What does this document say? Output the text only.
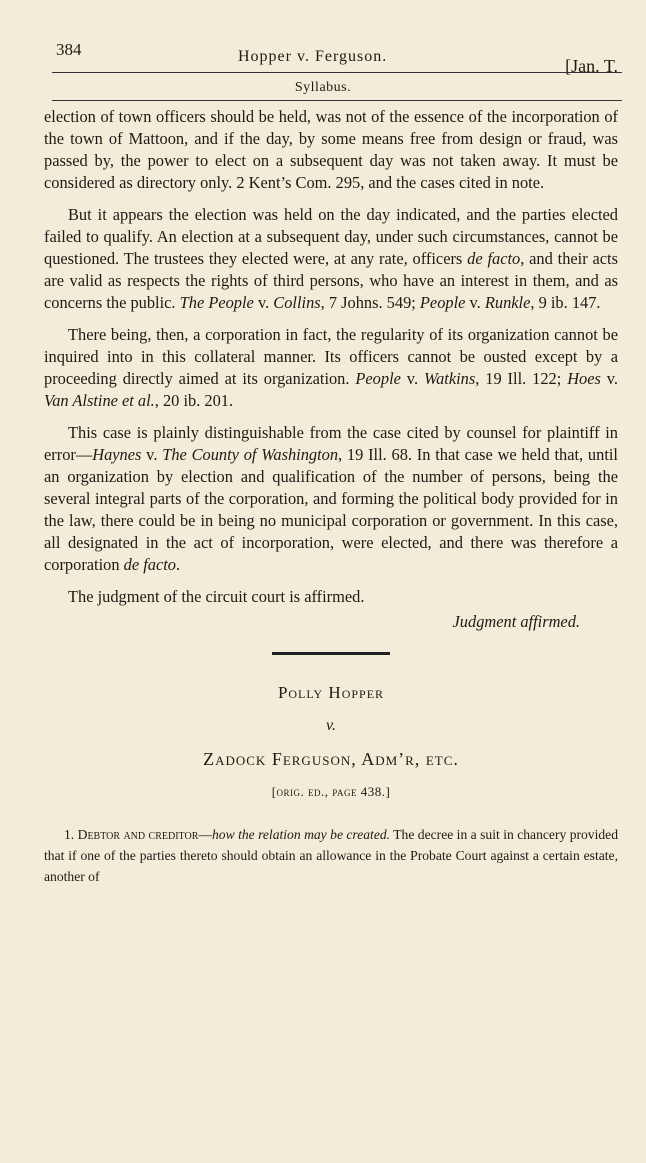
384	Hopper v. Ferguson.	[Jan. T.
Syllabus.

election of town officers should be held, was not of the essence of the incorporation of the town of Mattoon, and if the day, by some means free from design or fraud, was passed by, the power to elect on a subsequent day was not taken away. It must be considered as directory only. 2 Kent’s Com. 295, and the cases cited in note.

But it appears the election was held on the day indicated, and the parties elected failed to qualify. An election at a subsequent day, under such circumstances, cannot be questioned. The trustees they elected were, at any rate, officers de facto, and their acts are valid as respects the rights of third persons, who have an interest in them, and as concerns the public. The People v. Collins, 7 Johns. 549; People v. Runkle, 9 ib. 147.

There being, then, a corporation in fact, the regularity of its organization cannot be inquired into in this collateral manner. Its officers cannot be ousted except by a proceeding directly aimed at its organization. People v. Watkins, 19 Ill. 122; Hoes v. Van Alstine et al., 20 ib. 201.

This case is plainly distinguishable from the case cited by counsel for plaintiff in error—Haynes v. The County of Washington, 19 Ill. 68. In that case we held that, until an organization by election and qualification of the number of persons, being the several integral parts of the corporation, and forming the political body provided for in the law, there could be in being no municipal corporation or government. In this case, all designated in the act of incorporation, were elected, and there was therefore a corporation de facto.

The judgment of the circuit court is affirmed.

Judgment affirmed.
Polly Hopper
v.
Zadock Ferguson, Adm’r, etc.
[orig. ed., page 438.]

1. Debtor and creditor—how the relation may be created. The decree in a suit in chancery provided that if one of the parties thereto should obtain an allowance in the Probate Court against a certain estate, another of
